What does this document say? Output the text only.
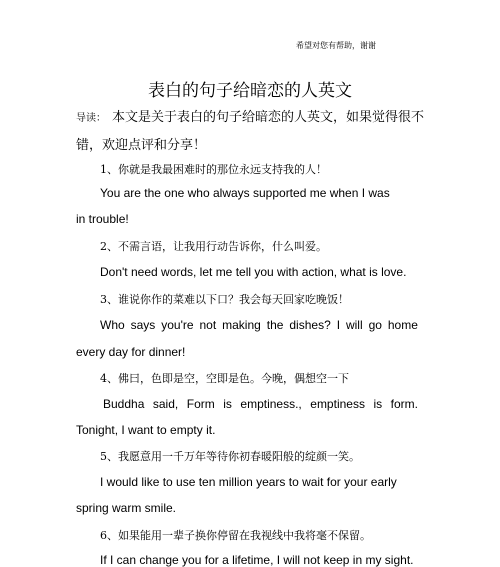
希望对您有帮助，谢谢
表白的句子给暗恋的人英文
导读： 本文是关于表白的句子给暗恋的人英文，如果觉得很不
错，欢迎点评和分享！
1、你就是我最困难时的那位永远支持我的人！
You are the one who always supported me when I was
in trouble!
2、不需言语，让我用行动告诉你，什么叫爱。
Don't need words, let me tell you with action, what is love.
3、谁说你作的菜难以下口？我会每天回家吃晚饭！
Who says you're not making the dishes? I will go home
every day for dinner!
4、佛曰，色即是空，空即是色。今晚，偶想空一下
Buddha said, Form is emptiness., emptiness is form.
Tonight, I want to empty it.
5、我愿意用一千万年等待你初春暖阳般的绽颜一笑。
I would like to use ten million years to wait for your early
spring warm smile.
6、如果能用一辈子换你停留在我视线中我将毫不保留。
If I can change you for a lifetime, I will not keep in my sight.
